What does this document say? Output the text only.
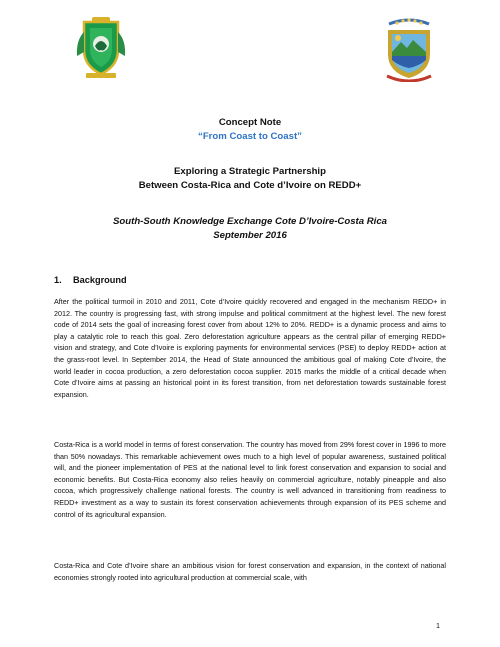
Concept Note
“From Coast to Coast”
Exploring a Strategic Partnership
Between Costa-Rica and Cote d’Ivoire on REDD+
South-South Knowledge Exchange Cote D’Ivoire-Costa Rica
September 2016
1. Background

After the political turmoil in 2010 and 2011, Cote d’Ivoire quickly recovered and engaged in the mechanism REDD+ in 2012. The country is progressing fast, with strong impulse and political commitment at the highest level. The new forest code of 2014 sets the goal of increasing forest cover from about 12% to 20%. REDD+ is a dynamic process and aims to play a catalytic role to reach this goal. Zero deforestation agriculture appears as the central pillar of emerging REDD+ vision and strategy, and Cote d’Ivoire is exploring payments for environmental services (PSE) to deploy REDD+ action at the grass-root level. In September 2014, the Head of State announced the ambitious goal of making Cote d’Ivoire, the world leader in cocoa production, a zero deforestation cocoa supplier. 2015 marks the middle of a critical decade when Cote d’Ivoire aims at passing an historical point in its forest transition, from net deforestation towards sustainable forest expansion.

Costa-Rica is a world model in terms of forest conservation. The country has moved from 29% forest cover in 1996 to more than 50% nowadays. This remarkable achievement owes much to a high level of popular awareness, sustained political will, and the pioneer implementation of PES at the national level to link forest conservation and expansion to social and economic benefits. But Costa-Rica economy also relies heavily on commercial agriculture, notably pineapple and also cocoa, which progressively challenge national forests. The country is well advanced in transitioning from readiness to REDD+ investment as a way to sustain its forest conservation achievements through expansion of its PES scheme and control of its agricultural expansion.

Costa-Rica and Cote d’Ivoire share an ambitious vision for forest conservation and expansion, in the context of national economies strongly rooted into agricultural production at commercial scale, with

1
